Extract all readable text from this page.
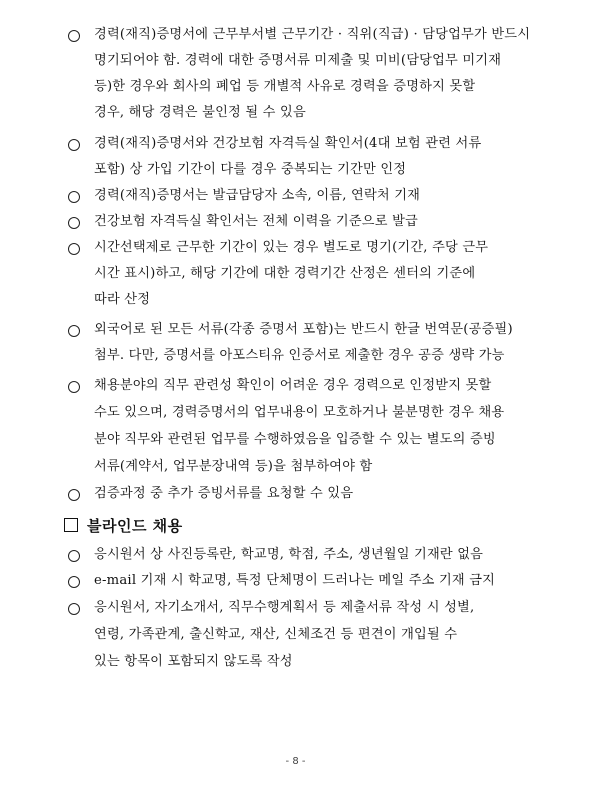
경력(재직)증명서에 근무부서별 근무기간 · 직위(직급) · 담당업무가 반드시
명기되어야 함. 경력에 대한 증명서류 미제출 및 미비(담당업무 미기재
등)한 경우와 회사의 폐업 등 개별적 사유로 경력을 증명하지 못할
경우, 해당 경력은 불인정 될 수 있음
경력(재직)증명서와 건강보험 자격득실 확인서(4대 보험 관련 서류
포함) 상 가입 기간이 다를 경우 중복되는 기간만 인정
경력(재직)증명서는 발급담당자 소속, 이름, 연락처 기재
건강보험 자격득실 확인서는 전체 이력을 기준으로 발급
시간선택제로 근무한 기간이 있는 경우 별도로 명기(기간, 주당 근무
시간 표시)하고, 해당 기간에 대한 경력기간 산정은 센터의 기준에
따라 산정
외국어로 된 모든 서류(각종 증명서 포함)는 반드시 한글 번역문(공증필)
첨부. 다만, 증명서를 아포스티유 인증서로 제출한 경우 공증 생략 가능
채용분야의 직무 관련성 확인이 어려운 경우 경력으로 인정받지 못할
수도 있으며, 경력증명서의 업무내용이 모호하거나 불분명한 경우 채용
분야 직무와 관련된 업무를 수행하였음을 입증할 수 있는 별도의 증빙
서류(계약서, 업무분장내역 등)을 첨부하여야 함
검증과정 중 추가 증빙서류를 요청할 수 있음
블라인드 채용
응시원서 상 사진등록란, 학교명, 학점, 주소, 생년월일 기재란 없음
e-mail 기재 시 학교명, 특정 단체명이 드러나는 메일 주소 기재 금지
응시원서, 자기소개서, 직무수행계획서 등 제출서류 작성 시 성별,
연령, 가족관계, 출신학교, 재산, 신체조건 등 편견이 개입될 수
있는 항목이 포함되지 않도록 작성
- 8 -
